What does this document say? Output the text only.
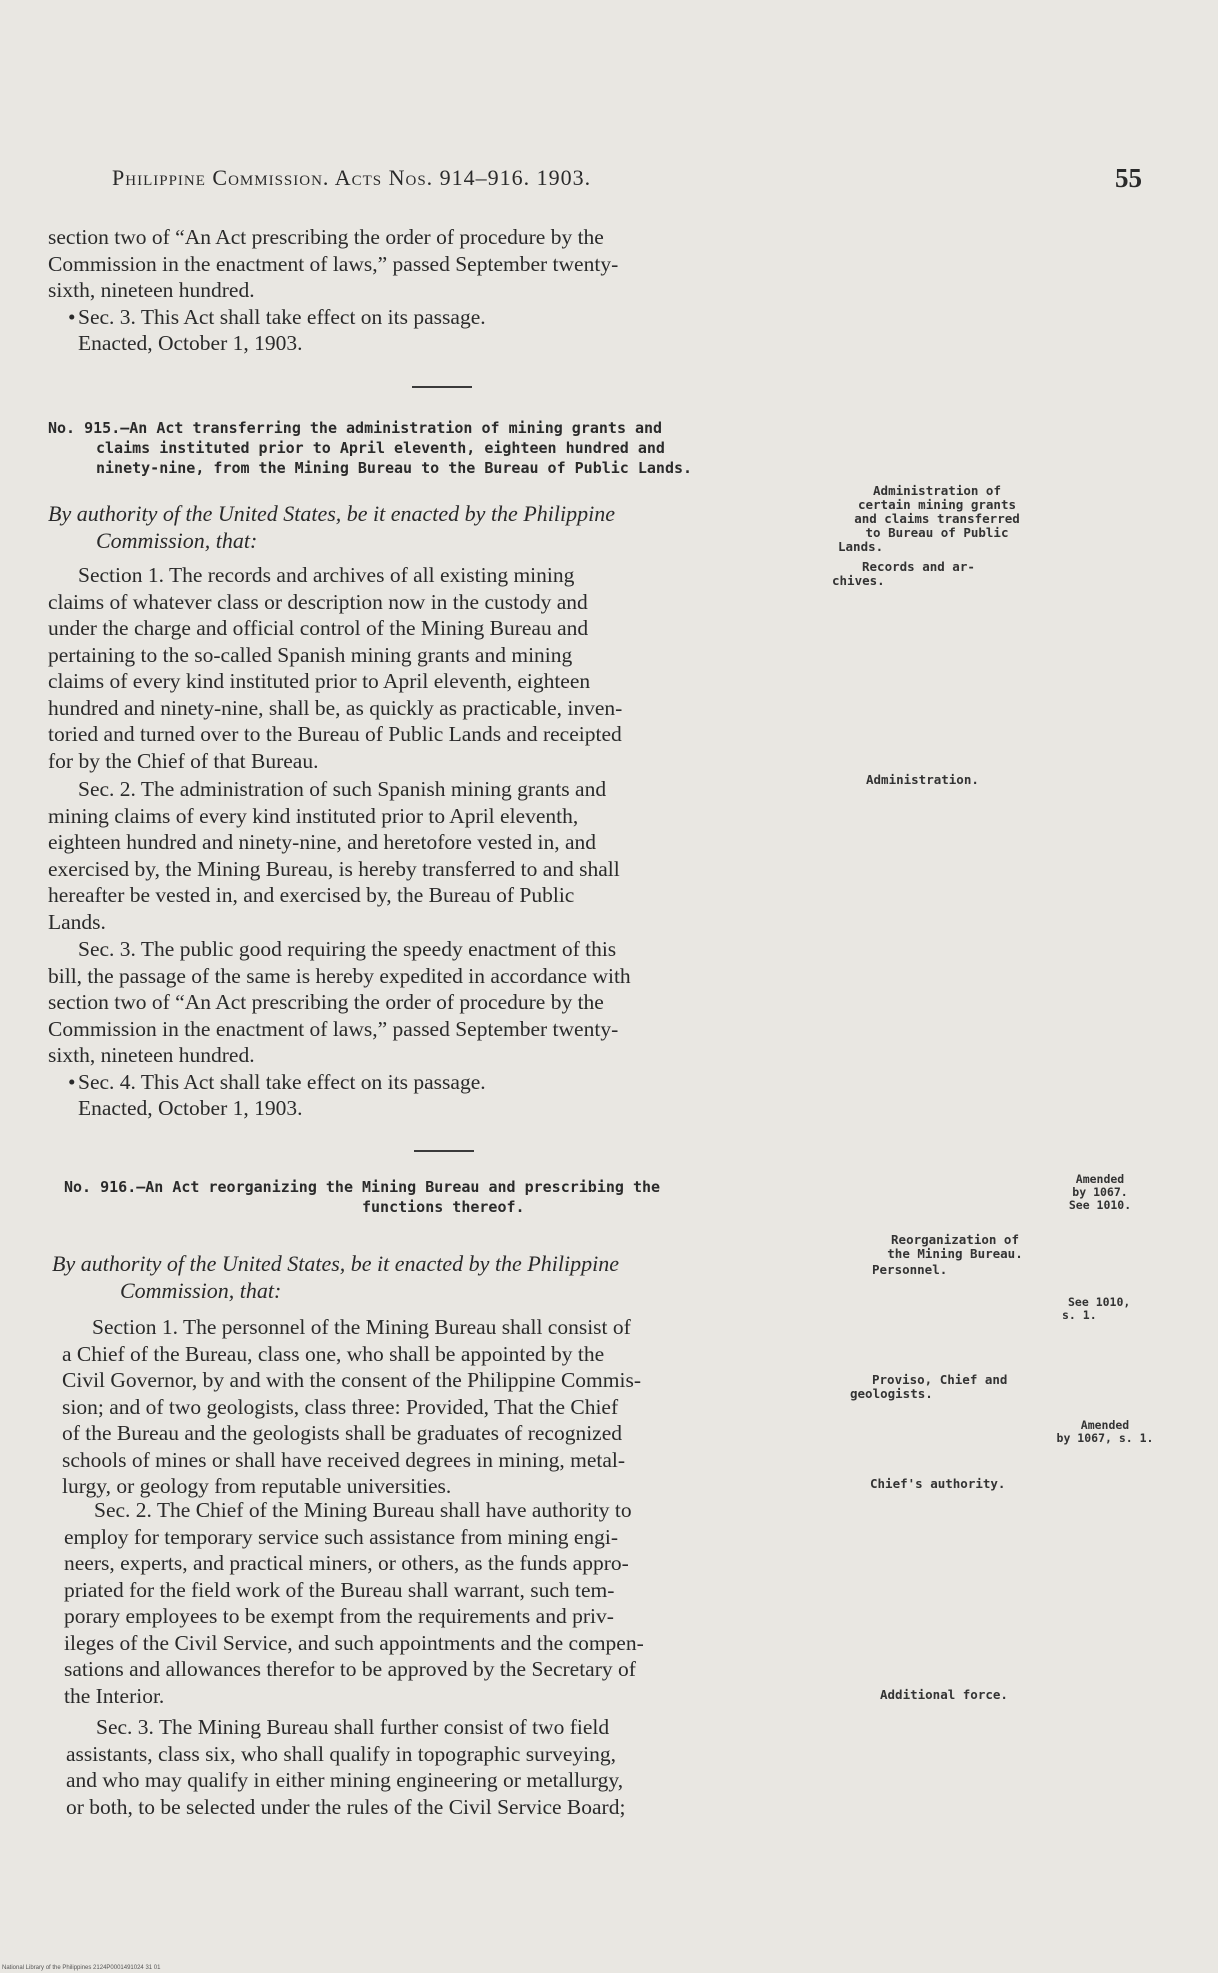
Philippine Commission. Acts Nos. 914–916. 1903.	55

section two of “An Act prescribing the order of procedure by the

Commission in the enactment of laws,” passed September twenty-

sixth, nineteen hundred.

• Sec. 3. This Act shall take effect on its passage.

Enacted, October 1, 1903.

No. 915.—An Act transferring the administration of mining grants and
claims instituted prior to April eleventh, eighteen hundred and
ninety-nine, from the Mining Bureau to the Bureau of Public Lands.
By authority of the United States, be it enacted by the Philippine
Commission, that:

Section 1. The records and archives of all existing mining

claims of whatever class or description now in the custody and

under the charge and official control of the Mining Bureau and

pertaining to the so-called Spanish mining grants and mining

claims of every kind instituted prior to April eleventh, eighteen

hundred and ninety-nine, shall be, as quickly as practicable, inven-

toried and turned over to the Bureau of Public Lands and receipted

for by the Chief of that Bureau.

Sec. 2. The administration of such Spanish mining grants and

mining claims of every kind instituted prior to April eleventh,

eighteen hundred and ninety-nine, and heretofore vested in, and

exercised by, the Mining Bureau, is hereby transferred to and shall

hereafter be vested in, and exercised by, the Bureau of Public

Lands.

Sec. 3. The public good requiring the speedy enactment of this

bill, the passage of the same is hereby expedited in accordance with

section two of “An Act prescribing the order of procedure by the

Commission in the enactment of laws,” passed September twenty-

sixth, nineteen hundred.

• Sec. 4. This Act shall take effect on its passage.

Enacted, October 1, 1903.

Administration of
certain mining grants
and claims transferred
to Bureau of Public
Lands.
Records and ar-
chives.
Administration.
No. 916.—An Act reorganizing the Mining Bureau and prescribing the
functions thereof.
By authority of the United States, be it enacted by the Philippine
Commission, that:

Section 1. The personnel of the Mining Bureau shall consist of

a Chief of the Bureau, class one, who shall be appointed by the

Civil Governor, by and with the consent of the Philippine Commis-

sion; and of two geologists, class three: Provided, That the Chief

of the Bureau and the geologists shall be graduates of recognized

schools of mines or shall have received degrees in mining, metal-

lurgy, or geology from reputable universities.

Sec. 2. The Chief of the Mining Bureau shall have authority to

employ for temporary service such assistance from mining engi-

neers, experts, and practical miners, or others, as the funds appro-

priated for the field work of the Bureau shall warrant, such tem-

porary employees to be exempt from the requirements and priv-

ileges of the Civil Service, and such appointments and the compen-

sations and allowances therefor to be approved by the Secretary of

the Interior.

Sec. 3. The Mining Bureau shall further consist of two field

assistants, class six, who shall qualify in topographic surveying,

and who may qualify in either mining engineering or metallurgy,

or both, to be selected under the rules of the Civil Service Board;

Reorganization of
the Mining Bureau.
Personnel.
Proviso, Chief and
geologists.
Chief's authority.
Additional force.
Amended
by 1067.
See 1010.
See 1010,
s. 1.
Amended
by 1067, s. 1.
National Library of the Philippines 2124P0001491024 31 01
